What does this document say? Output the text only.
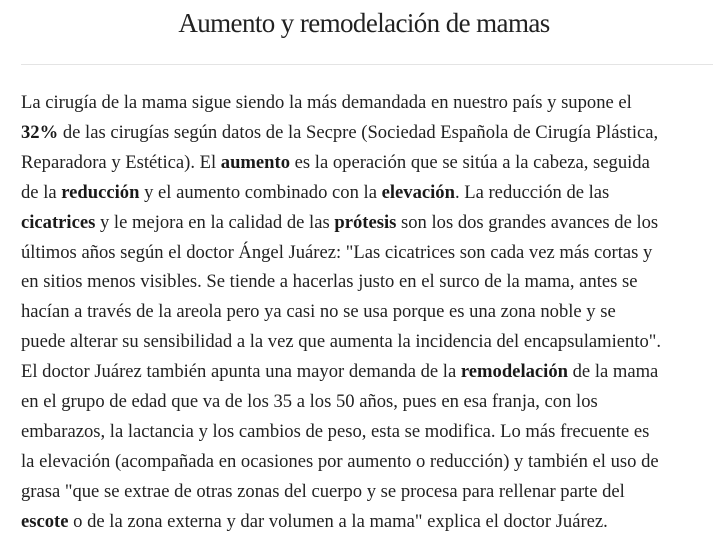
Aumento y remodelación de mamas

La cirugía de la mama sigue siendo la más demandada en nuestro país y supone el
32% de las cirugías según datos de la Secpre (Sociedad Española de Cirugía Plástica,
Reparadora y Estética). El aumento es la operación que se sitúa a la cabeza, seguida
de la reducción y el aumento combinado con la elevación. La reducción de las
cicatrices y le mejora en la calidad de las prótesis son los dos grandes avances de los
últimos años según el doctor Ángel Juárez: "Las cicatrices son cada vez más cortas y
en sitios menos visibles. Se tiende a hacerlas justo en el surco de la mama, antes se
hacían a través de la areola pero ya casi no se usa porque es una zona noble y se
puede alterar su sensibilidad a la vez que aumenta la incidencia del encapsulamiento".
El doctor Juárez también apunta una mayor demanda de la remodelación de la mama
en el grupo de edad que va de los 35 a los 50 años, pues en esa franja, con los
embarazos, la lactancia y los cambios de peso, esta se modifica. Lo más frecuente es
la elevación (acompañada en ocasiones por aumento o reducción) y también el uso de
grasa "que se extrae de otras zonas del cuerpo y se procesa para rellenar parte del
escote o de la zona externa y dar volumen a la mama" explica el doctor Juárez.
